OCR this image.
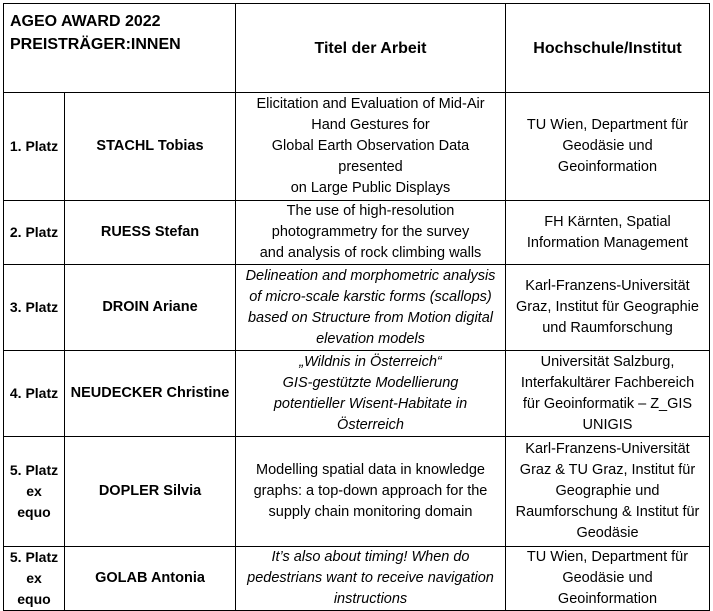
AGEO AWARD 2022
PREISTRÄGER:INNEN		Titel der Arbeit	Hochschule/Institut

1. Platz	STACHL Tobias	Elicitation and Evaluation of Mid-Air
Hand Gestures for
Global Earth Observation Data
presented
on Large Public Displays	TU Wien, Department für
Geodäsie und
Geoinformation

2. Platz	RUESS Stefan	The use of high-resolution
photogrammetry for the survey
and analysis of rock climbing walls	FH Kärnten, Spatial
Information Management

3. Platz	DROIN Ariane	Delineation and morphometric analysis
of micro-scale karstic forms (scallops)
based on Structure from Motion digital
elevation models	Karl-Franzens-Universität
Graz, Institut für Geographie
und Raumforschung

4. Platz	NEUDECKER Christine	„Wildnis in Österreich“
GIS-gestützte Modellierung
potentieller Wisent-Habitate in
Österreich	Universität Salzburg,
Interfakultärer Fachbereich
für Geoinformatik – Z_GIS
UNIGIS

5. Platz
ex equo	DOPLER Silvia	Modelling spatial data in knowledge
graphs: a top-down approach for the
supply chain monitoring domain	Karl-Franzens-Universität
Graz & TU Graz, Institut für
Geographie und
Raumforschung & Institut für
Geodäsie

5. Platz
ex equo	GOLAB Antonia	It’s also about timing! When do
pedestrians want to receive navigation
instructions	TU Wien, Department für
Geodäsie und
Geoinformation
